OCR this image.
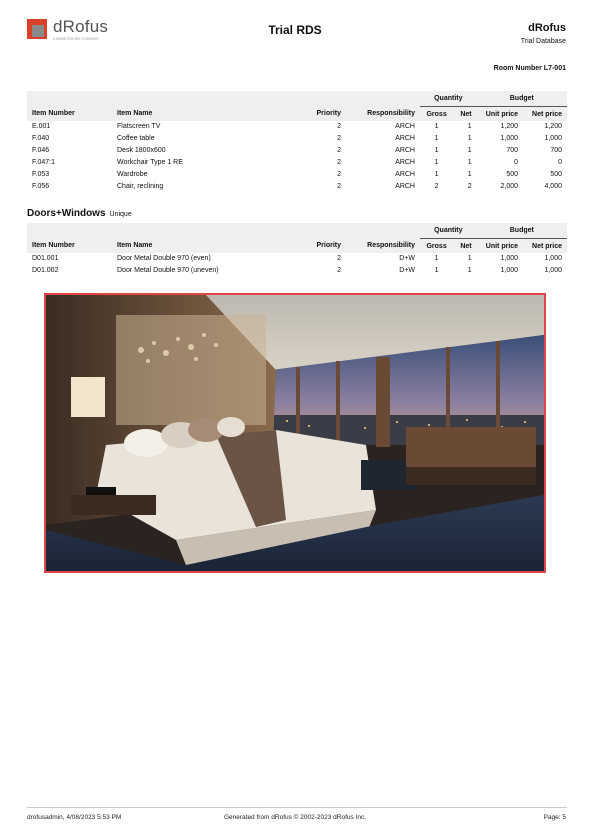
dRofus
A NEMETSCHEK COMPANY
Trial RDS	dRofus
Trial Database
Room Number L7-001
				Quantity		Budget	
Item Number	Item Name	Priority	Responsibility	Gross	Net	Unit price	Net price
E.001	Flatscreen TV	2	ARCH	1	1	1,200	1,200
F.040	Coffee table	2	ARCH	1	1	1,000	1,000
F.046	Desk 1800x600	2	ARCH	1	1	700	700
F.047:1	Workchair Type 1 RE	2	ARCH	1	1	0	0
F.053	Wardrobe	2	ARCH	1	1	500	500
F.056	Chair, reclining	2	ARCH	2	2	2,000	4,000
Doors+Windows Unique
				Quantity		Budget	
Item Number	Item Name	Priority	Responsibility	Gross	Net	Unit price	Net price
D01.001	Door Metal Double 970 (even)	2	D+W	1	1	1,000	1,000
D01.002	Door Metal Double 970 (uneven)	2	D+W	1	1	1,000	1,000
drofusadmin, 4/08/2023 5:53 PM	Generated from dRofus © 2002-2023 dRofus Inc.	Page: 5
